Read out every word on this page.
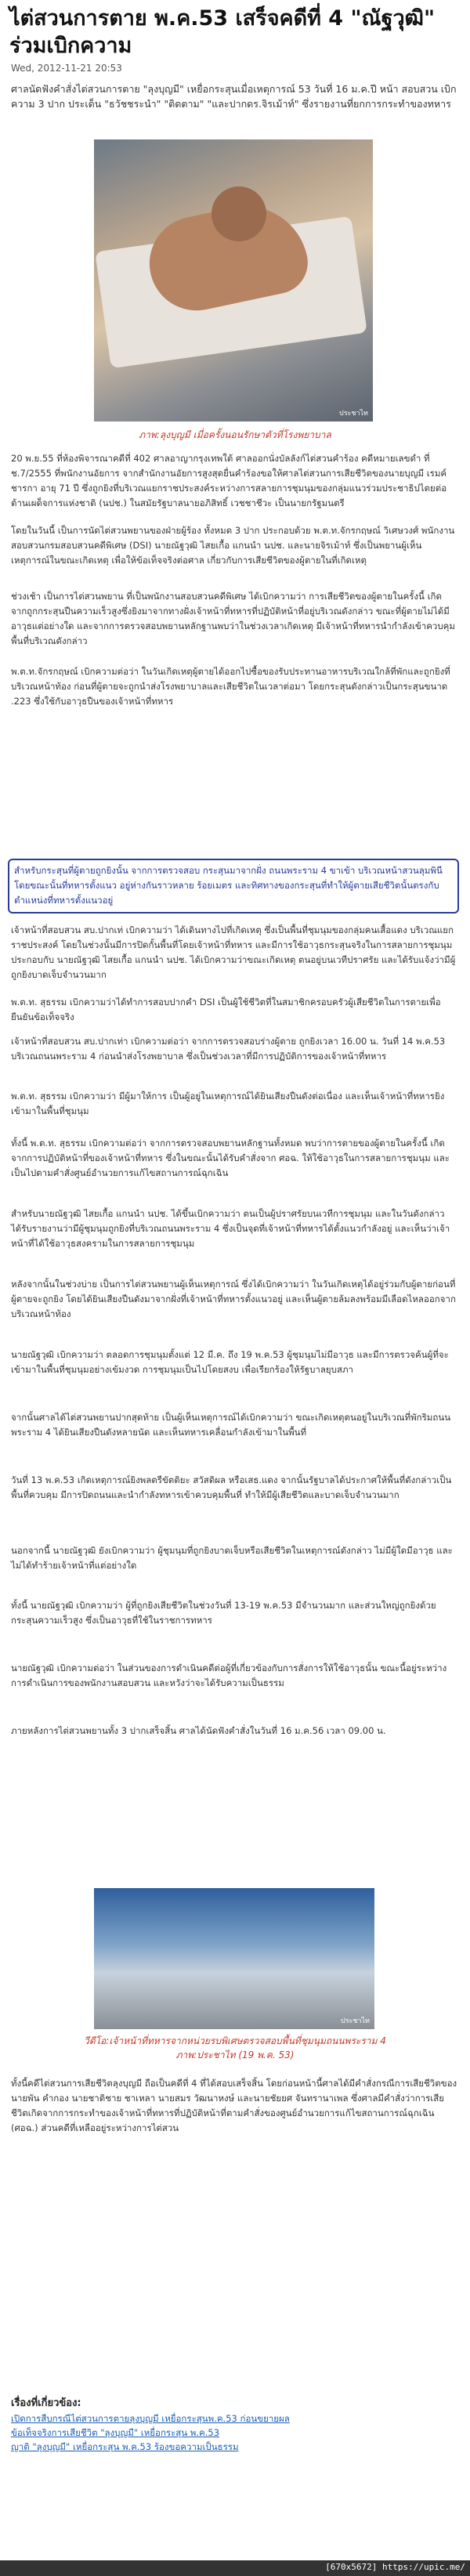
ไต่สวนการตาย พ.ค.53 เสร็จคดีที่ 4 "ณัฐวุฒิ" ร่วมเบิกความ
Wed, 2012-11-21 20:53
ศาลนัดฟังคำสั่งไต่สวนการตาย "ลุงบุญมี" เหยื่อกระสุนเมื่อเหตุการณ์ 53 วันที่ 16 ม.ค.ปี หน้า สอบสวน เบิกความ 3 ปาก ประเด็น "ธวัชชระนำ" "ติดตาม" "และปากดร.จิรเม้าท์" ซึ่งรายงานที่ยกการกระทำของทหาร
ประชาไท
ภาพ:ลุงบุญมี เมื่อครั้งนอนรักษาตัวที่โรงพยาบาล
20 พ.ย.55 ที่ห้องพิจารณาคดีที่ 402 ศาลอาญากรุงเทพใต้ ศาลออกนั่งบัลลังก์ไต่สวนคำร้อง คดีหมายเลขดำ ที่ ช.7/2555 ที่พนักงานอัยการ จากสำนักงานอัยการสูงสุดยื่นคำร้องขอให้ศาลไต่สวนการเสียชีวิตของนายบุญมี เรมค์ชารกา อายุ 71 ปี ซึ่งถูกยิงที่บริเวณแยกราชประสงค์ระหว่างการสลายการชุมนุมของกลุ่มแนวร่วมประชาธิปไตยต่อต้านเผด็จการแห่งชาติ (นปช.) ในสมัยรัฐบาลนายอภิสิทธิ์ เวชชาชีวะ เป็นนายกรัฐมนตรี
โดยในวันนี้ เป็นการนัดไต่สวนพยานของฝ่ายผู้ร้อง ทั้งหมด 3 ปาก ประกอบด้วย พ.ต.ท.จักรกฤษณ์ วิเศษวงศ์ พนักงานสอบสวนกรมสอบสวนคดีพิเศษ (DSI) นายณัฐวุฒิ ไสยเกื้อ แกนนำ นปช. และนายจิรเม้าท์ ซึ่งเป็นพยานผู้เห็นเหตุการณ์ในขณะเกิดเหตุ เพื่อให้ข้อเท็จจริงต่อศาล เกี่ยวกับการเสียชีวิตของผู้ตายในที่เกิดเหตุ
ช่วงเช้า เป็นการไต่สวนพยาน ที่เป็นพนักงานสอบสวนคดีพิเศษ ได้เบิกความว่า การเสียชีวิตของผู้ตายในครั้งนี้ เกิดจากถูกกระสุนปืนความเร็วสูงซึ่งยิงมาจากทางฝั่งเจ้าหน้าที่ทหารที่ปฏิบัติหน้าที่อยู่บริเวณดังกล่าว ขณะที่ผู้ตายไม่ได้มีอาวุธแต่อย่างใด และจากการตรวจสอบพยานหลักฐานพบว่าในช่วงเวลาเกิดเหตุ มีเจ้าหน้าที่ทหารนำกำลังเข้าควบคุมพื้นที่บริเวณดังกล่าว
พ.ต.ท.จักรกฤษณ์ เบิกความต่อว่า ในวันเกิดเหตุผู้ตายได้ออกไปซื้อของรับประทานอาหารบริเวณใกล้ที่พักและถูกยิงที่บริเวณหน้าท้อง ก่อนที่ผู้ตายจะถูกนำส่งโรงพยาบาลและเสียชีวิตในเวลาต่อมา โดยกระสุนดังกล่าวเป็นกระสุนขนาด .223 ซึ่งใช้กับอาวุธปืนของเจ้าหน้าที่ทหาร
สำหรับกระสุนที่ผู้ตายถูกยิงนั้น จากการตรวจสอบ กระสุนมาจากฝั่ง ถนนพระราม 4 ขาเข้า บริเวณหน้าสวนลุมพินี โดยขณะนั้นที่ทหารตั้งแนว อยู่ห่างกันราวหลาย ร้อยเมตร และทิศทางของกระสุนที่ทำให้ผู้ตายเสียชีวิตนั้นตรงกับตำแหน่งที่ทหารตั้งแนวอยู่
เจ้าหน้าที่สอบสวน สบ.ปากเท่ เบิกความว่า ได้เดินทางไปที่เกิดเหตุ ซึ่งเป็นพื้นที่ชุมนุมของกลุ่มคนเสื้อแดง บริเวณแยกราชประสงค์ โดยในช่วงนั้นมีการปิดกั้นพื้นที่โดยเจ้าหน้าที่ทหาร และมีการใช้อาวุธกระสุนจริงในการสลายการชุมนุม ประกอบกับ นายณัฐวุฒิ ไสยเกื้อ แกนนำ นปช. ได้เบิกความว่าขณะเกิดเหตุ ตนอยู่บนเวทีปราศรัย และได้รับแจ้งว่ามีผู้ถูกยิงบาดเจ็บจำนวนมาก
พ.ต.ท. สุธรรม เบิกความว่าได้ทำการสอบปากคำ DSI เป็นผู้ใช้ชีวิตที่ในสมาชิกครอบครัวผู้เสียชีวิตในการตายเพื่อยืนยันข้อเท็จจริง
เจ้าหน้าที่สอบสวน สบ.ปากเท่า เบิกความต่อว่า จากการตรวจสอบร่างผู้ตาย ถูกยิงเวลา 16.00 น. วันที่ 14 พ.ค.53 บริเวณถนนพระราม 4 ก่อนนำส่งโรงพยาบาล ซึ่งเป็นช่วงเวลาที่มีการปฏิบัติการของเจ้าหน้าที่ทหาร
พ.ต.ท. สุธรรม เบิกความว่า มีผู้มาให้การ เป็นผู้อยู่ในเหตุการณ์ได้ยินเสียงปืนดังต่อเนื่อง และเห็นเจ้าหน้าที่ทหารยิงเข้ามาในพื้นที่ชุมนุม
ทั้งนี้ พ.ต.ท. สุธรรม เบิกความต่อว่า จากการตรวจสอบพยานหลักฐานทั้งหมด พบว่าการตายของผู้ตายในครั้งนี้ เกิดจากการปฏิบัติหน้าที่ของเจ้าหน้าที่ทหาร ซึ่งในขณะนั้นได้รับคำสั่งจาก ศอฉ. ให้ใช้อาวุธในการสลายการชุมนุม และเป็นไปตามคำสั่งศูนย์อำนวยการแก้ไขสถานการณ์ฉุกเฉิน
สำหรับนายณัฐวุฒิ ไสยเกื้อ แกนนำ นปช. ได้ขึ้นเบิกความว่า ตนเป็นผู้ปราศรัยบนเวทีการชุมนุม และในวันดังกล่าว ได้รับรายงานว่ามีผู้ชุมนุมถูกยิงที่บริเวณถนนพระราม 4 ซึ่งเป็นจุดที่เจ้าหน้าที่ทหารได้ตั้งแนวกำลังอยู่ และเห็นว่าเจ้าหน้าที่ได้ใช้อาวุธสงครามในการสลายการชุมนุม
หลังจากนั้นในช่วงบ่าย เป็นการไต่สวนพยานผู้เห็นเหตุการณ์ ซึ่งได้เบิกความว่า ในวันเกิดเหตุได้อยู่ร่วมกับผู้ตายก่อนที่ผู้ตายจะถูกยิง โดยได้ยินเสียงปืนดังมาจากฝั่งที่เจ้าหน้าที่ทหารตั้งแนวอยู่ และเห็นผู้ตายล้มลงพร้อมมีเลือดไหลออกจากบริเวณหน้าท้อง
นายณัฐวุฒิ เบิกความว่า ตลอดการชุมนุมตั้งแต่ 12 มี.ค. ถึง 19 พ.ค.53 ผู้ชุมนุมไม่มีอาวุธ และมีการตรวจค้นผู้ที่จะเข้ามาในพื้นที่ชุมนุมอย่างเข้มงวด การชุมนุมเป็นไปโดยสงบ เพื่อเรียกร้องให้รัฐบาลยุบสภา
จากนั้นศาลได้ไต่สวนพยานปากสุดท้าย เป็นผู้เห็นเหตุการณ์ได้เบิกความว่า ขณะเกิดเหตุตนอยู่ในบริเวณที่พักริมถนนพระราม 4 ได้ยินเสียงปืนดังหลายนัด และเห็นทหารเคลื่อนกำลังเข้ามาในพื้นที่
วันที่ 13 พ.ค.53 เกิดเหตุการณ์ยิงพลตรีขัตติยะ สวัสดิผล หรือเสธ.แดง จากนั้นรัฐบาลได้ประกาศให้พื้นที่ดังกล่าวเป็นพื้นที่ควบคุม มีการปิดถนนและนำกำลังทหารเข้าควบคุมพื้นที่ ทำให้มีผู้เสียชีวิตและบาดเจ็บจำนวนมาก
นอกจากนี้ นายณัฐวุฒิ ยังเบิกความว่า ผู้ชุมนุมที่ถูกยิงบาดเจ็บหรือเสียชีวิตในเหตุการณ์ดังกล่าว ไม่มีผู้ใดมีอาวุธ และไม่ได้ทำร้ายเจ้าหน้าที่แต่อย่างใด
ทั้งนี้ นายณัฐวุฒิ เบิกความว่า ผู้ที่ถูกยิงเสียชีวิตในช่วงวันที่ 13-19 พ.ค.53 มีจำนวนมาก และส่วนใหญ่ถูกยิงด้วยกระสุนความเร็วสูง ซึ่งเป็นอาวุธที่ใช้ในราชการทหาร
นายณัฐวุฒิ เบิกความต่อว่า ในส่วนของการดำเนินคดีต่อผู้ที่เกี่ยวข้องกับการสั่งการให้ใช้อาวุธนั้น ขณะนี้อยู่ระหว่างการดำเนินการของพนักงานสอบสวน และหวังว่าจะได้รับความเป็นธรรม
ภายหลังการไต่สวนพยานทั้ง 3 ปากเสร็จสิ้น ศาลได้นัดฟังคำสั่งในวันที่ 16 ม.ค.56 เวลา 09.00 น.
ประชาไท
วีดีโอ:เจ้าหน้าที่ทหารจากหน่วยรบพิเศษตรวจสอบพื้นที่ชุมนุมถนนพระราม 4
ภาพ:ประชาไท (19 พ.ค. 53)
ทั้งนี้คดีไต่สวนการเสียชีวิตลุงบุญมี ถือเป็นคดีที่ 4 ที่ได้สอบเสร็จสิ้น โดยก่อนหน้านี้ศาลได้มีคำสั่งกรณีการเสียชีวิตของนายพัน คำกอง นายชาติชาย ชาเหลา นายสมร วัฒนาหงษ์ และนายชัยยศ จันทรานาเพล ซึ่งศาลมีคำสั่งว่าการเสียชีวิตเกิดจากการกระทำของเจ้าหน้าที่ทหารที่ปฏิบัติหน้าที่ตามคำสั่งของศูนย์อำนวยการแก้ไขสถานการณ์ฉุกเฉิน (ศอฉ.) ส่วนคดีที่เหลืออยู่ระหว่างการไต่สวน
เรื่องที่เกี่ยวข้อง:
เปิดการสืบกรณีไต่สวนการตายลุงบุญมี เหยื่อกระสุนพ.ค.53 ก่อนขยายผล
ข้อเท็จจริงการเสียชีวิต "ลุงบุญมี" เหยื่อกระสุน พ.ค.53
ญาติ "ลุงบุญมี" เหยื่อกระสุน พ.ค.53 ร้องขอความเป็นธรรม
[670x5672] https://upic.me/
